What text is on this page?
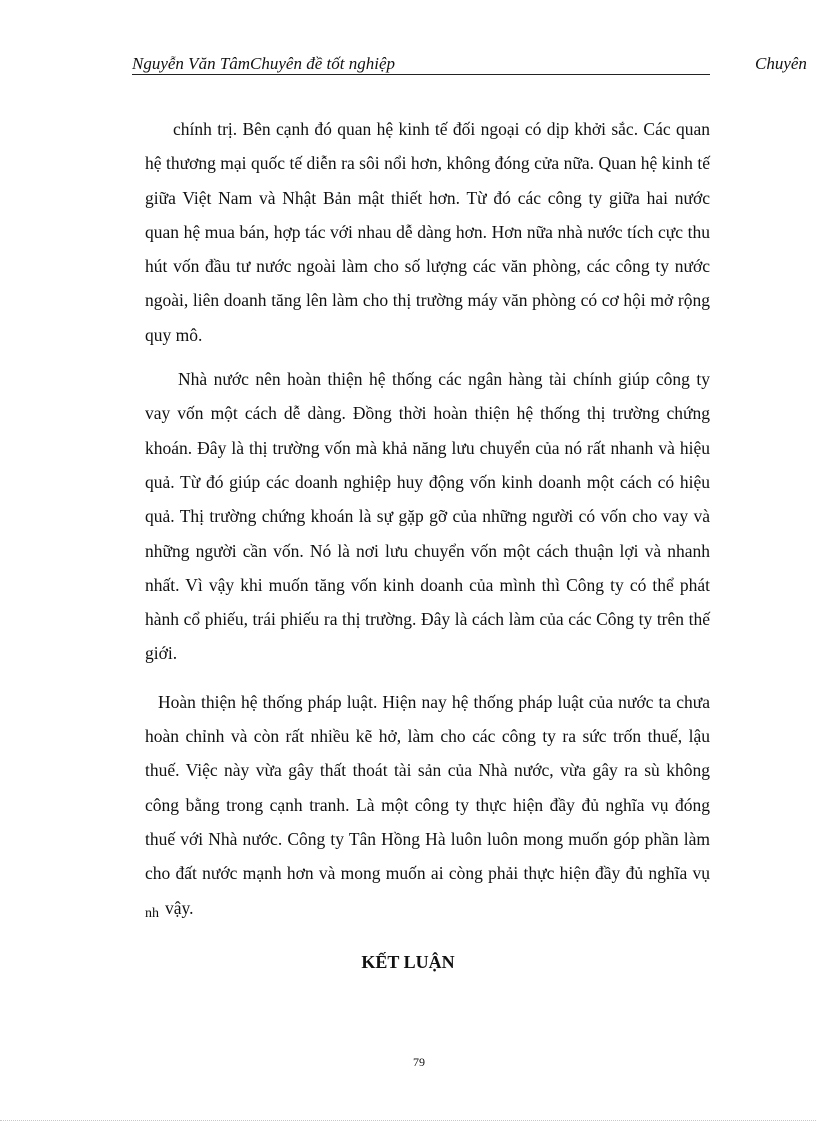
Nguyễn Văn TâmChuyên đề tốt nghiệp	Chuyên

chính trị. Bên cạnh đó quan hệ kinh tế đối ngoại có dịp khởi sắc. Các quan hệ thương mại quốc tế diễn ra sôi nổi hơn, không đóng cửa nữa. Quan hệ kinh tế giữa Việt Nam và Nhật Bản mật thiết hơn. Từ đó các công ty giữa hai nước quan hệ mua bán, hợp tác với nhau dễ dàng hơn. Hơn nữa nhà nước tích cực thu hút vốn đầu tư nước ngoài làm cho số lượng các văn phòng, các công ty nước ngoài, liên doanh tăng lên làm cho thị trường máy văn phòng có cơ hội mở rộng quy mô.

Nhà nước nên hoàn thiện hệ thống các ngân hàng tài chính giúp công ty vay vốn một cách dễ dàng. Đồng thời hoàn thiện hệ thống thị trường chứng khoán. Đây là thị trường vốn mà khả năng lưu chuyển của nó rất nhanh và hiệu quả. Từ đó giúp các doanh nghiệp huy động vốn kinh doanh một cách có hiệu quả. Thị trường chứng khoán là sự gặp gỡ của những người có vốn cho vay và những người cần vốn. Nó là nơi lưu chuyển vốn một cách thuận lợi và nhanh nhất. Vì vậy khi muốn tăng vốn kinh doanh của mình thì Công ty có thể phát hành cổ phiếu, trái phiếu ra thị trường. Đây là cách làm của các Công ty trên thế giới.

Hoàn thiện hệ thống pháp luật. Hiện nay hệ thống pháp luật của nước ta chưa hoàn chỉnh và còn rất nhiều kẽ hở, làm cho các công ty ra sức trốn thuế, lậu thuế. Việc này vừa gây thất thoát tài sản của Nhà nước, vừa gây ra sù không công bằng trong cạnh tranh. Là một công ty thực hiện đầy đủ nghĩa vụ đóng thuế với Nhà nước. Công ty Tân Hồng Hà luôn luôn mong muốn góp phần làm cho đất nước mạnh hơn và mong muốn ai còng phải thực hiện đầy đủ nghĩa vụ nh vậy.

KẾT LUẬN
79
